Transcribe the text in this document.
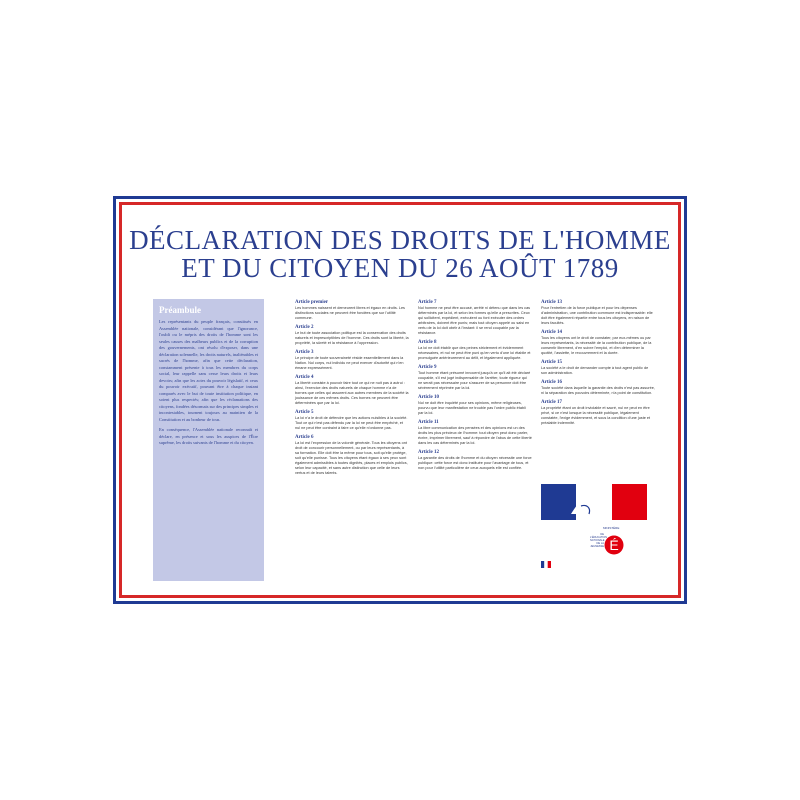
DÉCLARATION DES DROITS DE L'HOMME
ET DU CITOYEN DU 26 AOÛT 1789
Préambule

Les représentants du peuple français, constitués en Assemblée nationale, considérant que l'ignorance, l'oubli ou le mépris des droits de l'homme sont les seules causes des malheurs publics et de la corruption des gouvernements, ont résolu d'exposer, dans une déclaration solennelle, les droits naturels, inaliénables et sacrés de l'homme, afin que cette déclaration, constamment présente à tous les membres du corps social, leur rappelle sans cesse leurs droits et leurs devoirs; afin que les actes du pouvoir législatif, et ceux du pouvoir exécutif, pouvant être à chaque instant comparés avec le but de toute institution politique, en soient plus respectés; afin que les réclamations des citoyens, fondées désormais sur des principes simples et incontestables, tournent toujours au maintien de la Constitution et au bonheur de tous.

En conséquence, l'Assemblée nationale reconnaît et déclare, en présence et sous les auspices de l'Être suprême, les droits suivants de l'homme et du citoyen.

Article premier

Les hommes naissent et demeurent libres et égaux en droits. Les distinctions sociales ne peuvent être fondées que sur l'utilité commune.

Article 2

Le but de toute association politique est la conservation des droits naturels et imprescriptibles de l'homme. Ces droits sont la liberté, la propriété, la sûreté et la résistance à l'oppression.

Article 3

Le principe de toute souveraineté réside essentiellement dans la Nation. Nul corps, nul individu ne peut exercer d'autorité qui n'en émane expressément.

Article 4

La liberté consiste à pouvoir faire tout ce qui ne nuit pas à autrui : ainsi, l'exercice des droits naturels de chaque homme n'a de bornes que celles qui assurent aux autres membres de la société la jouissance de ces mêmes droits. Ces bornes ne peuvent être déterminées que par la loi.

Article 5

La loi n'a le droit de défendre que les actions nuisibles à la société. Tout ce qui n'est pas défendu par la loi ne peut être empêché, et nul ne peut être contraint à faire ce qu'elle n'ordonne pas.

Article 6

La loi est l'expression de la volonté générale. Tous les citoyens ont droit de concourir personnellement, ou par leurs représentants, à sa formation. Elle doit être la même pour tous, soit qu'elle protège, soit qu'elle punisse. Tous les citoyens étant égaux à ses yeux sont également admissibles à toutes dignités, places et emplois publics, selon leur capacité, et sans autre distinction que celle de leurs vertus et de leurs talents.

Article 7

Nul homme ne peut être accusé, arrêté ni détenu que dans les cas déterminés par la loi, et selon les formes qu'elle a prescrites. Ceux qui sollicitent, expédient, exécutent ou font exécuter des ordres arbitraires, doivent être punis; mais tout citoyen appelé ou saisi en vertu de la loi doit obéir à l'instant: il se rend coupable par la résistance.

Article 8

La loi ne doit établir que des peines strictement et évidemment nécessaires, et nul ne peut être puni qu'en vertu d'une loi établie et promulguée antérieurement au délit, et légalement appliquée.

Article 9

Tout homme étant présumé innocent jusqu'à ce qu'il ait été déclaré coupable, s'il est jugé indispensable de l'arrêter, toute rigueur qui ne serait pas nécessaire pour s'assurer de sa personne doit être sévèrement réprimée par la loi.

Article 10

Nul ne doit être inquiété pour ses opinions, même religieuses, pourvu que leur manifestation ne trouble pas l'ordre public établi par la loi.

Article 11

La libre communication des pensées et des opinions est un des droits les plus précieux de l'homme: tout citoyen peut donc parler, écrire, imprimer librement, sauf à répondre de l'abus de cette liberté dans les cas déterminés par la loi.

Article 12

La garantie des droits de l'homme et du citoyen nécessite une force publique: cette force est donc instituée pour l'avantage de tous, et non pour l'utilité particulière de ceux auxquels elle est confiée.

Article 13

Pour l'entretien de la force publique et pour les dépenses d'administration, une contribution commune est indispensable: elle doit être également répartie entre tous les citoyens, en raison de leurs facultés.

Article 14

Tous les citoyens ont le droit de constater, par eux-mêmes ou par leurs représentants, la nécessité de la contribution publique, de la consentir librement, d'en suivre l'emploi, et d'en déterminer la quotité, l'assiette, le recouvrement et la durée.

Article 15

La société a le droit de demander compte à tout agent public de son administration.

Article 16

Toute société dans laquelle la garantie des droits n'est pas assurée, ni la séparation des pouvoirs déterminée, n'a point de constitution.

Article 17

La propriété étant un droit inviolable et sacré, nul ne peut en être privé, si ce n'est lorsque la nécessité publique, légalement constatée, l'exige évidemment, et sous la condition d'une juste et préalable indemnité.

MINISTÈRE
DE L'ÉDUCATION NATIONALE DE LA JEUNESSE É
